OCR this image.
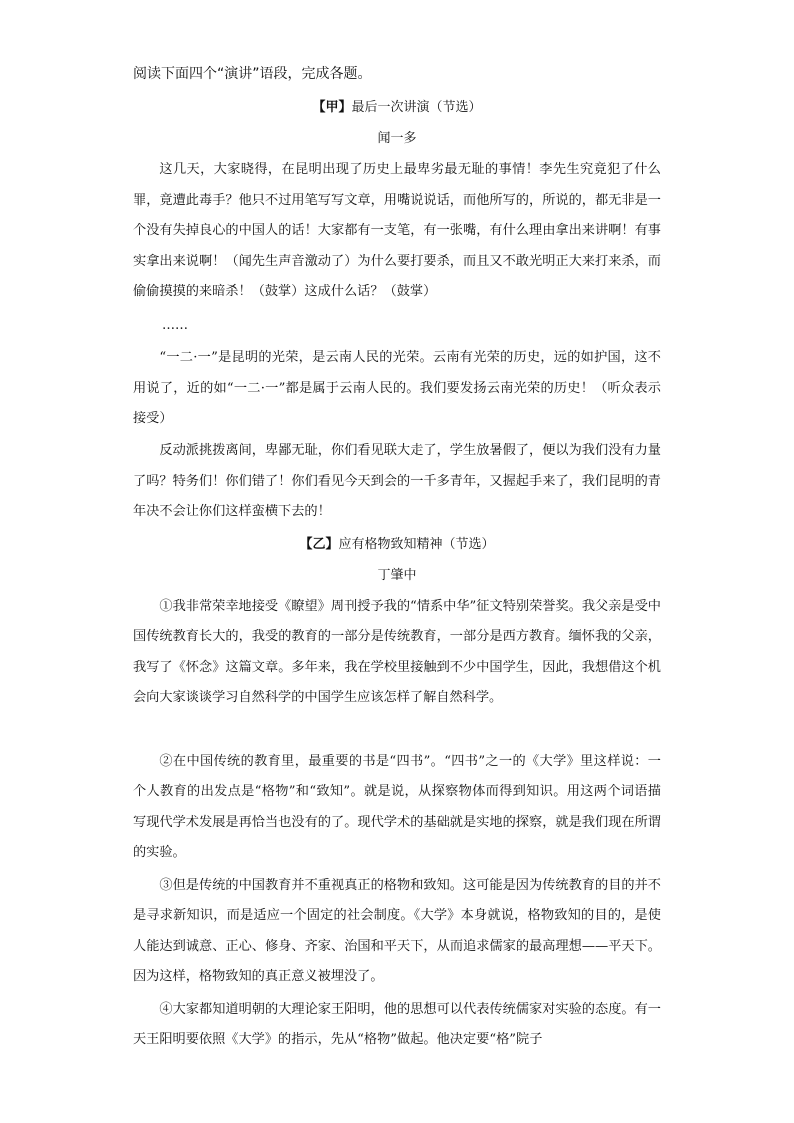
阅读下面四个“演讲”语段，完成各题。
【甲】最后一次讲演（节选）
闻一多
这几天，大家晓得，在昆明出现了历史上最卑劣最无耻的事情！李先生究竟犯了什么罪，竟遭此毒手？他只不过用笔写写文章，用嘴说说话，而他所写的，所说的，都无非是一个没有失掉良心的中国人的话！大家都有一支笔，有一张嘴，有什么理由拿出来讲啊！有事实拿出来说啊！（闻先生声音激动了）为什么要打要杀，而且又不敢光明正大来打来杀，而偷偷摸摸的来暗杀！（鼓掌）这成什么话？（鼓掌）
……
“一二·一”是昆明的光荣，是云南人民的光荣。云南有光荣的历史，远的如护国，这不用说了，近的如“一二·一”都是属于云南人民的。我们要发扬云南光荣的历史！（听众表示接受）
反动派挑拨离间，卑鄙无耻，你们看见联大走了，学生放暑假了，便以为我们没有力量了吗？特务们！你们错了！你们看见今天到会的一千多青年，又握起手来了，我们昆明的青年决不会让你们这样蛮横下去的！
【乙】应有格物致知精神（节选）
丁肇中
①我非常荣幸地接受《瞭望》周刊授予我的“情系中华”征文特别荣誉奖。我父亲是受中国传统教育长大的，我受的教育的一部分是传统教育，一部分是西方教育。缅怀我的父亲，我写了《怀念》这篇文章。多年来，我在学校里接触到不少中国学生，因此，我想借这个机会向大家谈谈学习自然科学的中国学生应该怎样了解自然科学。
②在中国传统的教育里，最重要的书是“四书”。“四书”之一的《大学》里这样说：一个人教育的出发点是“格物”和“致知”。就是说，从探察物体而得到知识。用这两个词语描写现代学术发展是再恰当也没有的了。现代学术的基础就是实地的探察，就是我们现在所谓的实验。
③但是传统的中国教育并不重视真正的格物和致知。这可能是因为传统教育的目的并不是寻求新知识，而是适应一个固定的社会制度。《大学》本身就说，格物致知的目的，是使人能达到诚意、正心、修身、齐家、治国和平天下，从而追求儒家的最高理想——平天下。因为这样，格物致知的真正意义被埋没了。
④大家都知道明朝的大理论家王阳明，他的思想可以代表传统儒家对实验的态度。有一天王阳明要依照《大学》的指示，先从“格物”做起。他决定要“格”院子
